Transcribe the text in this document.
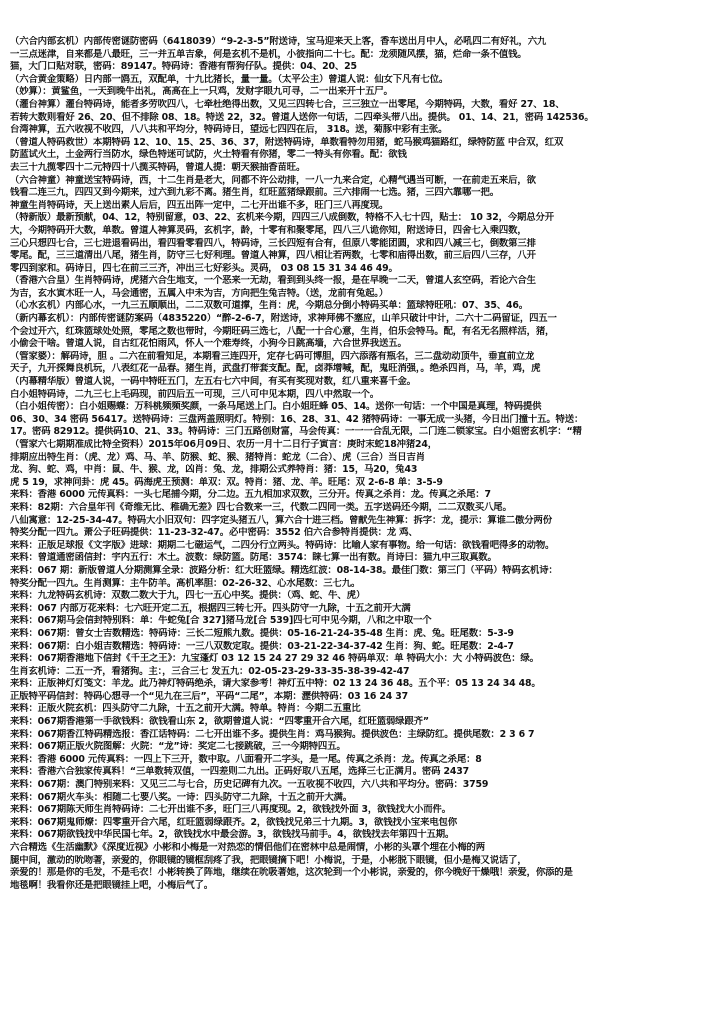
（六合内部玄机）内部传密谜防密码（6418039）“9-2-3-5”附送诗，宝马迎来天上客，香车送出月中人，必吼四二有好礼，六九
一三点迷津，自来都是八最旺，三一并五单吉象，何是玄机不是机，小彼指向二十七。配：龙须随风摆，猫，烂命一条不值钱。
猫，大门口贴对联，密码：89147。特码诗：香港有帮狗仔队。提供：04、20、25
（六合黄金策略）日内部一鸥五，双配单，十九比猪长，量一量。（太平公主）曾道人说：仙女下凡有七位。
（妙算）：黄鲨鱼，一天到晚牛出礼，高高在上一只鸡，发财字眼九可寻，二一出来开十五尸。
（灌台神算）灌台特码诗，能者多劳吹四八，七牵杜绝得出数，又见三四转七合，三三独立一出零尾，今期特码，大数，看好 27、18、
若转大数则看好 26、20、但不排除 08、18。特送 22，32。曾道人送你一句话，二四牵头带八出。提供。 01、14、21，密码 142536。
台湾神算，五六收视不收四，八八共和平均分，特码诗日，望远七四四在后， 318。送，菊豚中彩有主张。
（曾道人特码救世）本期特码 12、10、15、25、36、37，附送特码诗，单数看特勿用猪，蛇马猴鸡猫路红，绿特防蓝 中合双，红双
防蓝试火土，土金两行当防水，绿色特迷可试防，火土特看有你猪，零二一特头有你看。配：欲钱
去三十九揽零四十二元特四十八揽买特码，曾道人提：朝天猴抽香苗旺。
（六合神童）神童送宝特码诗，西，十二生肖是老大，问都不许公动排，一八一九来合定，心精气遇当可断，一在前走五来后，欲
钱看二连三九，四四又到今期来，过六到九彩不离。猪生肖，红旺蓝猪绿跟前。三六排闹一七选。猪，三四六靠哪一把。
神童生肖特码诗，天上送出素人后后，四五出阵一定中，二七开出谁不多，旺门三八再度现。
（特新版）最新预献，04、12，特别留意，03、22、玄机来今期，四四三八成倒数，特格不入七十四，贴士： 10 32，今期总分开
大，今期特码开大数，单数。曾道人神算灵码，玄机字，龄，十零有和聚零尾，四八三八诡你知，附送诗日，四舍七入乘四数，
三心只想四七合，三七进退看码出，看四看零看四八，特码诗，三长四短有合有，但原八零能团圆，求和四八减三七，倒数第三排
零尾。配，三三道清出八尾，猪生肖，防守三七好利理。曾道人神算，四八相让若两数，七零和庙得出数，前三后四八三存，八开
零四到家和。码诗日，四七在前三三齐，冲出三七好彩头。灵码， 03 08 15 31 34 46 49。
（香港六合皇）生肖特码诗，虎猪六合生地支，一个恶来一无劫，看到到头终一报，是在早晚一二天，曾道人玄空码，若论六合生
为吉，玄水寅木旺一人，马会通密，五属入中未为吉，方向把生兔吉特。（送，龙前有兔起。）
（心水玄机）内部心水，一九三五顺顺出，二二双数可道撑，生肖：虎，今期总分倒小特码买单：篮球特旺吼：07、35、46。
（新内幕玄机）：内部传密谜防案码（4835220）“醉-2-6-7，附送诗，求神拜佛不塞应，山羊只破计中计，二六十二码留证，四五一
个会过开六，红珠篮球处处照，零尾之数也带时，今期旺码三选七，八配一十合心意，生肖，伯乐会特马。配，有名无名照样活，猪，
小偷会干啥。曾道人说，自古红花怕雨风，怀人一个难寿终，小狗今日跳高墙，六合世界我送五。
（管家婆）：解码诗，胆 。二六在前看知足，本期看三连四开，定存七码可博胆，四六添落有瓶名，三二盘动动顶牛，垂直前立龙
天子，九开探舞良机玩，八表红花一品春。猪生肖，武盘打带套支配。配，卤莽增喊，配，鬼旺消强，。绝杀四肖，马，羊，鸡，虎
（内幕精华版）曾道人说，一码中特旺五门，左五右七六中间，有买有奖现对数，红八重来喜千金。
白小姐特码诗，二九三七上毛码现，前四后五一可现，三八可中见本期，四八中然取一个。
（白小姐传密）：白小姐赐蝶：万科桃频频奖颜，一条马尾送上门。白小姐旺蜂 05、14。送你一句话：一个中国是真理，特码提供
06、30、34 密码 56417。送特码诗：三盘两盖照明灯。特别：16、28、31、42 猪特码诗：一事无成一头猪，今日出门撞十五。特送：
17。密码 82912。提供码10、21、33。特码诗：三门五路创财富，马会传真：一一一合乱无限，二门连二锁家宝。白小姐密玄机字：“精
（管家六七期期准成比特全资料）2015年06月09日、农历一月十二日行子寅言：庚时末蛇18冲猪24，
排期应出特生肖：（虎、龙）鸡、马、羊、防猴、蛇、猴、猪特肖：蛇龙（二合）、虎（三合）当日吉肖
龙、狗、蛇、鸡，中肖：鼠、牛、猴、龙，凶肖：兔、龙，排期公式养特肖：猪：15，马20，兔43
虎 5 19，求神问卦：虎 45。码海虎王预测：单双：双。特肖：猪、龙、羊。旺尾：双 2-6-8 单：3-5-9
来料：香港 6000 元传真料：一头七尾捕今期，分二边。五九相加求双数，三分开。传真之杀肖：龙。传真之杀尾：7
来料：82期：六合皇年刊《奇维无比、稚确无差》四七合数来一三，代数二四同一类。五字送码还今期，二二双数买八尾。
八仙寓意：12-25-34-47。特码大小旧双句：四字定头猪五八，算六合十进三档。曾献先生神算：拆字：龙，提示：算谁二傲分两份
特奖分配一四九。萧公子旺码提供：11-23-32-47。必中密码：3552 伯六合参特肖提供：龙 鸡、
来料：正版足球报《文字版》进球：期期二七磁运气，二四分行立两头。特码诗：比喻人家有事物。给一句话：欲钱看吧得多的动物。
来料：曾道通密函信封：宇内五行：木土。波数：绿防篮。防尾：3574：睐七算一出有数。肖诗曰：猫九中三取真数。
来料：067 期：新版曾道人分期测算全录：波路分析：红大旺篮绿。精选红波：08-14-38。最佳门数：第三门（平码）特码玄机诗：
特奖分配一四九。生肖测算：主牛防羊。高机率胆：02-26-32、心水尾数：三七九。
来料：九龙特码玄机诗：双数二数大于九，四七一五心中奖。提供：（鸡、蛇、牛、虎）
来料：067 内部万花来料：七六旺开定二五，根据四三转七开。四头防守一九除，十五之前开大满
来料：067期马会信封特别料：单：牛蛇兔[合 327]猪马龙[合 539]四七可中见今期，八和之中取一个
来料：067期：曾女士吉数精选：特码诗：三长二短熊九数。提供：05-16-21-24-35-48 生肖：虎、兔。旺尾数：5-3-9
来料：067期：白小姐吉数精选：特码诗：一三八双数定取。提供：03-21-22-34-37-42 生肖：狗、蛇。旺尾数：2-4-7
来料：067期香港地下信封《千王之王》：九宝蓬灯 03 12 15 24 27 29 32 46 特码单双：单 特码大小：大 小特码波色：绿。
生肖玄机诗：二五一齐，看猪狗。主：，三合三七 发五九：02-05-23-29-33-35-38-39-42-47
来料：正版神灯灯笺文：羊龙。此乃神灯特码绝杀，请大家参考！神灯五中特：02 13 24 36 48。五个平：05 13 24 34 48。
正版特平码信封：特码心想寻一个“见九在三后”，平码“二尾”，本期：瀝供特码：03 16 24 37
来料：正版火院玄机：四头防守二九除，十五之前开大满。特单。特肖：今期二五重比
来料：067期香港第一手欲钱料：欲钱看山东 2，欲期曾道人说：“四零重开合六尾，红旺篮弱绿跟齐”
来料：067期香江特码精选报：香江话特码：二七开出谁不多。提供生肖：鸡马猴狗。提供波色：主绿防红。提供尾数：2 3 6 7
来料：067期正版火院图解：火院：“龙”诗：奖定二七接跳破，三一今期特四五。
来料：香港 6000 元传真料：一四上下三开，数中取。八面看开二字头，是一尾。传真之杀肖：龙。传真之杀尾：8
来料：香港六合独家传真料！“三单数转双值，一四差则二九出。正码好取八五尾，选择三七正满月。密码 2437
来料：067期：澳门特别来料：又见三二与七合，历史记碑有九次。一五收视不收四，六八共和平均分。密码：3759
来料：067期火车头：相随二七要八奖。一诗：四头防守二九除，十五之前开大满。
来料：067期陈天师生肖特码诗：二七开出谁不多，旺门三八再度现。2，欲钱找外面 3，欲钱找大小而件。
来料：067期鬼师燎：四零重开合六尾，红旺篮弱绿跟齐。2，欲钱找兄弟三十九期。3，欲钱找小宝来电包你
来料：067期欲钱找中华民国七年。2，欲钱找水中最会游。3，欲钱找马前手。4，欲钱找去年第四十五期。
六合精选《生活幽默》《深度近视》小彬和小梅是一对热恋的情侣他们在密林中总是闹情，小彬的头罩个埋在小梅的两
腿中间，激动的吮吻著，亲爱的，你眼镜的镜框刮疼了我，把眼镜摘下吧！小梅说，于是，小彬脱下眼镜，但小是梅又说话了，
亲爱的！那是你的毛发，不是毛衣！小彬转换了阵地，继续在吮吸著她，这次轮到一个小彬说，亲爱的，你今晚好干燥哦！亲爱，你添的是
地毯啊！我看你还是把眼镜挂上吧，小梅后气了。
